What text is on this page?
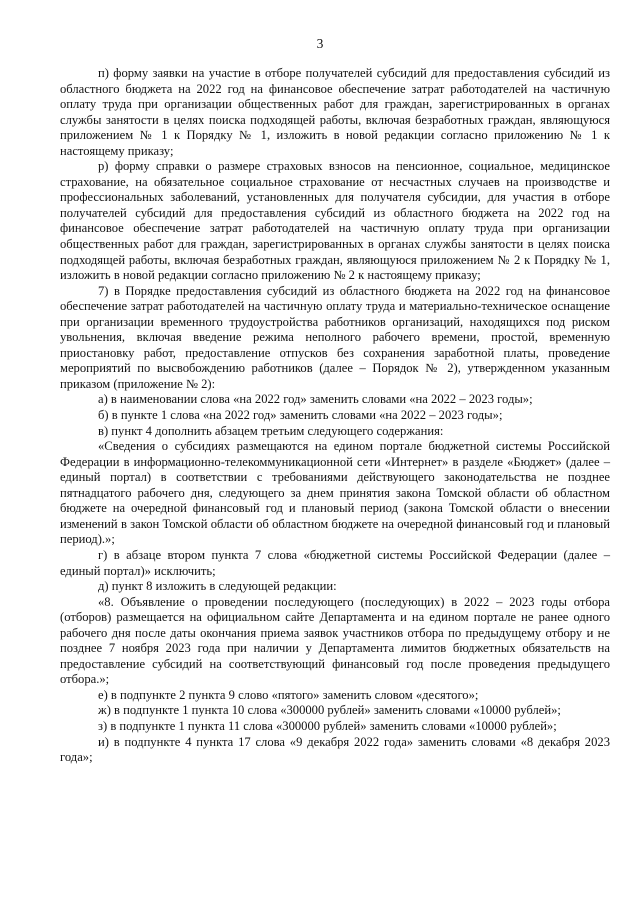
3

п) форму заявки на участие в отборе получателей субсидий для предоставления субсидий из областного бюджета на 2022 год на финансовое обеспечение затрат работодателей на частичную оплату труда при организации общественных работ для граждан, зарегистрированных в органах службы занятости в целях поиска подходящей работы, включая безработных граждан, являющуюся приложением № 1 к Порядку № 1, изложить в новой редакции согласно приложению № 1 к настоящему приказу;

р) форму справки о размере страховых взносов на пенсионное, социальное, медицинское страхование, на обязательное социальное страхование от несчастных случаев на производстве и профессиональных заболеваний, установленных для получателя субсидии, для участия в отборе получателей субсидий для предоставления субсидий из областного бюджета на 2022 год на финансовое обеспечение затрат работодателей на частичную оплату труда при организации общественных работ для граждан, зарегистрированных в органах службы занятости в целях поиска подходящей работы, включая безработных граждан, являющуюся приложением № 2 к Порядку № 1, изложить в новой редакции согласно приложению № 2 к настоящему приказу;

7) в Порядке предоставления субсидий из областного бюджета на 2022 год на финансовое обеспечение затрат работодателей на частичную оплату труда и материально-техническое оснащение при организации временного трудоустройства работников организаций, находящихся под риском увольнения, включая введение режима неполного рабочего времени, простой, временную приостановку работ, предоставление отпусков без сохранения заработной платы, проведение мероприятий по высвобождению работников (далее – Порядок № 2), утвержденном указанным приказом (приложение № 2):

а) в наименовании слова «на 2022 год» заменить словами «на 2022 – 2023 годы»;

б) в пункте 1 слова «на 2022 год» заменить словами «на 2022 – 2023 годы»;

в) пункт 4 дополнить абзацем третьим следующего содержания:

«Сведения о субсидиях размещаются на едином портале бюджетной системы Российской Федерации в информационно-телекоммуникационной сети «Интернет» в разделе «Бюджет» (далее – единый портал) в соответствии с требованиями действующего законодательства не позднее пятнадцатого рабочего дня, следующего за днем принятия закона Томской области об областном бюджете на очередной финансовый год и плановый период (закона Томской области о внесении изменений в закон Томской области об областном бюджете на очередной финансовый год и плановый период).»;

г) в абзаце втором пункта 7 слова «бюджетной системы Российской Федерации (далее – единый портал)» исключить;

д) пункт 8 изложить в следующей редакции:

«8. Объявление о проведении последующего (последующих) в 2022 – 2023 годы отбора (отборов) размещается на официальном сайте Департамента и на едином портале не ранее одного рабочего дня после даты окончания приема заявок участников отбора по предыдущему отбору и не позднее 7 ноября 2023 года при наличии у Департамента лимитов бюджетных обязательств на предоставление субсидий на соответствующий финансовый год после проведения предыдущего отбора.»;

е) в подпункте 2 пункта 9 слово «пятого» заменить словом «десятого»;

ж) в подпункте 1 пункта 10 слова «300000 рублей» заменить словами «10000 рублей»;

з) в подпункте 1 пункта 11 слова «300000 рублей» заменить словами «10000 рублей»;

и) в подпункте 4 пункта 17 слова «9 декабря 2022 года» заменить словами «8 декабря 2023 года»;
